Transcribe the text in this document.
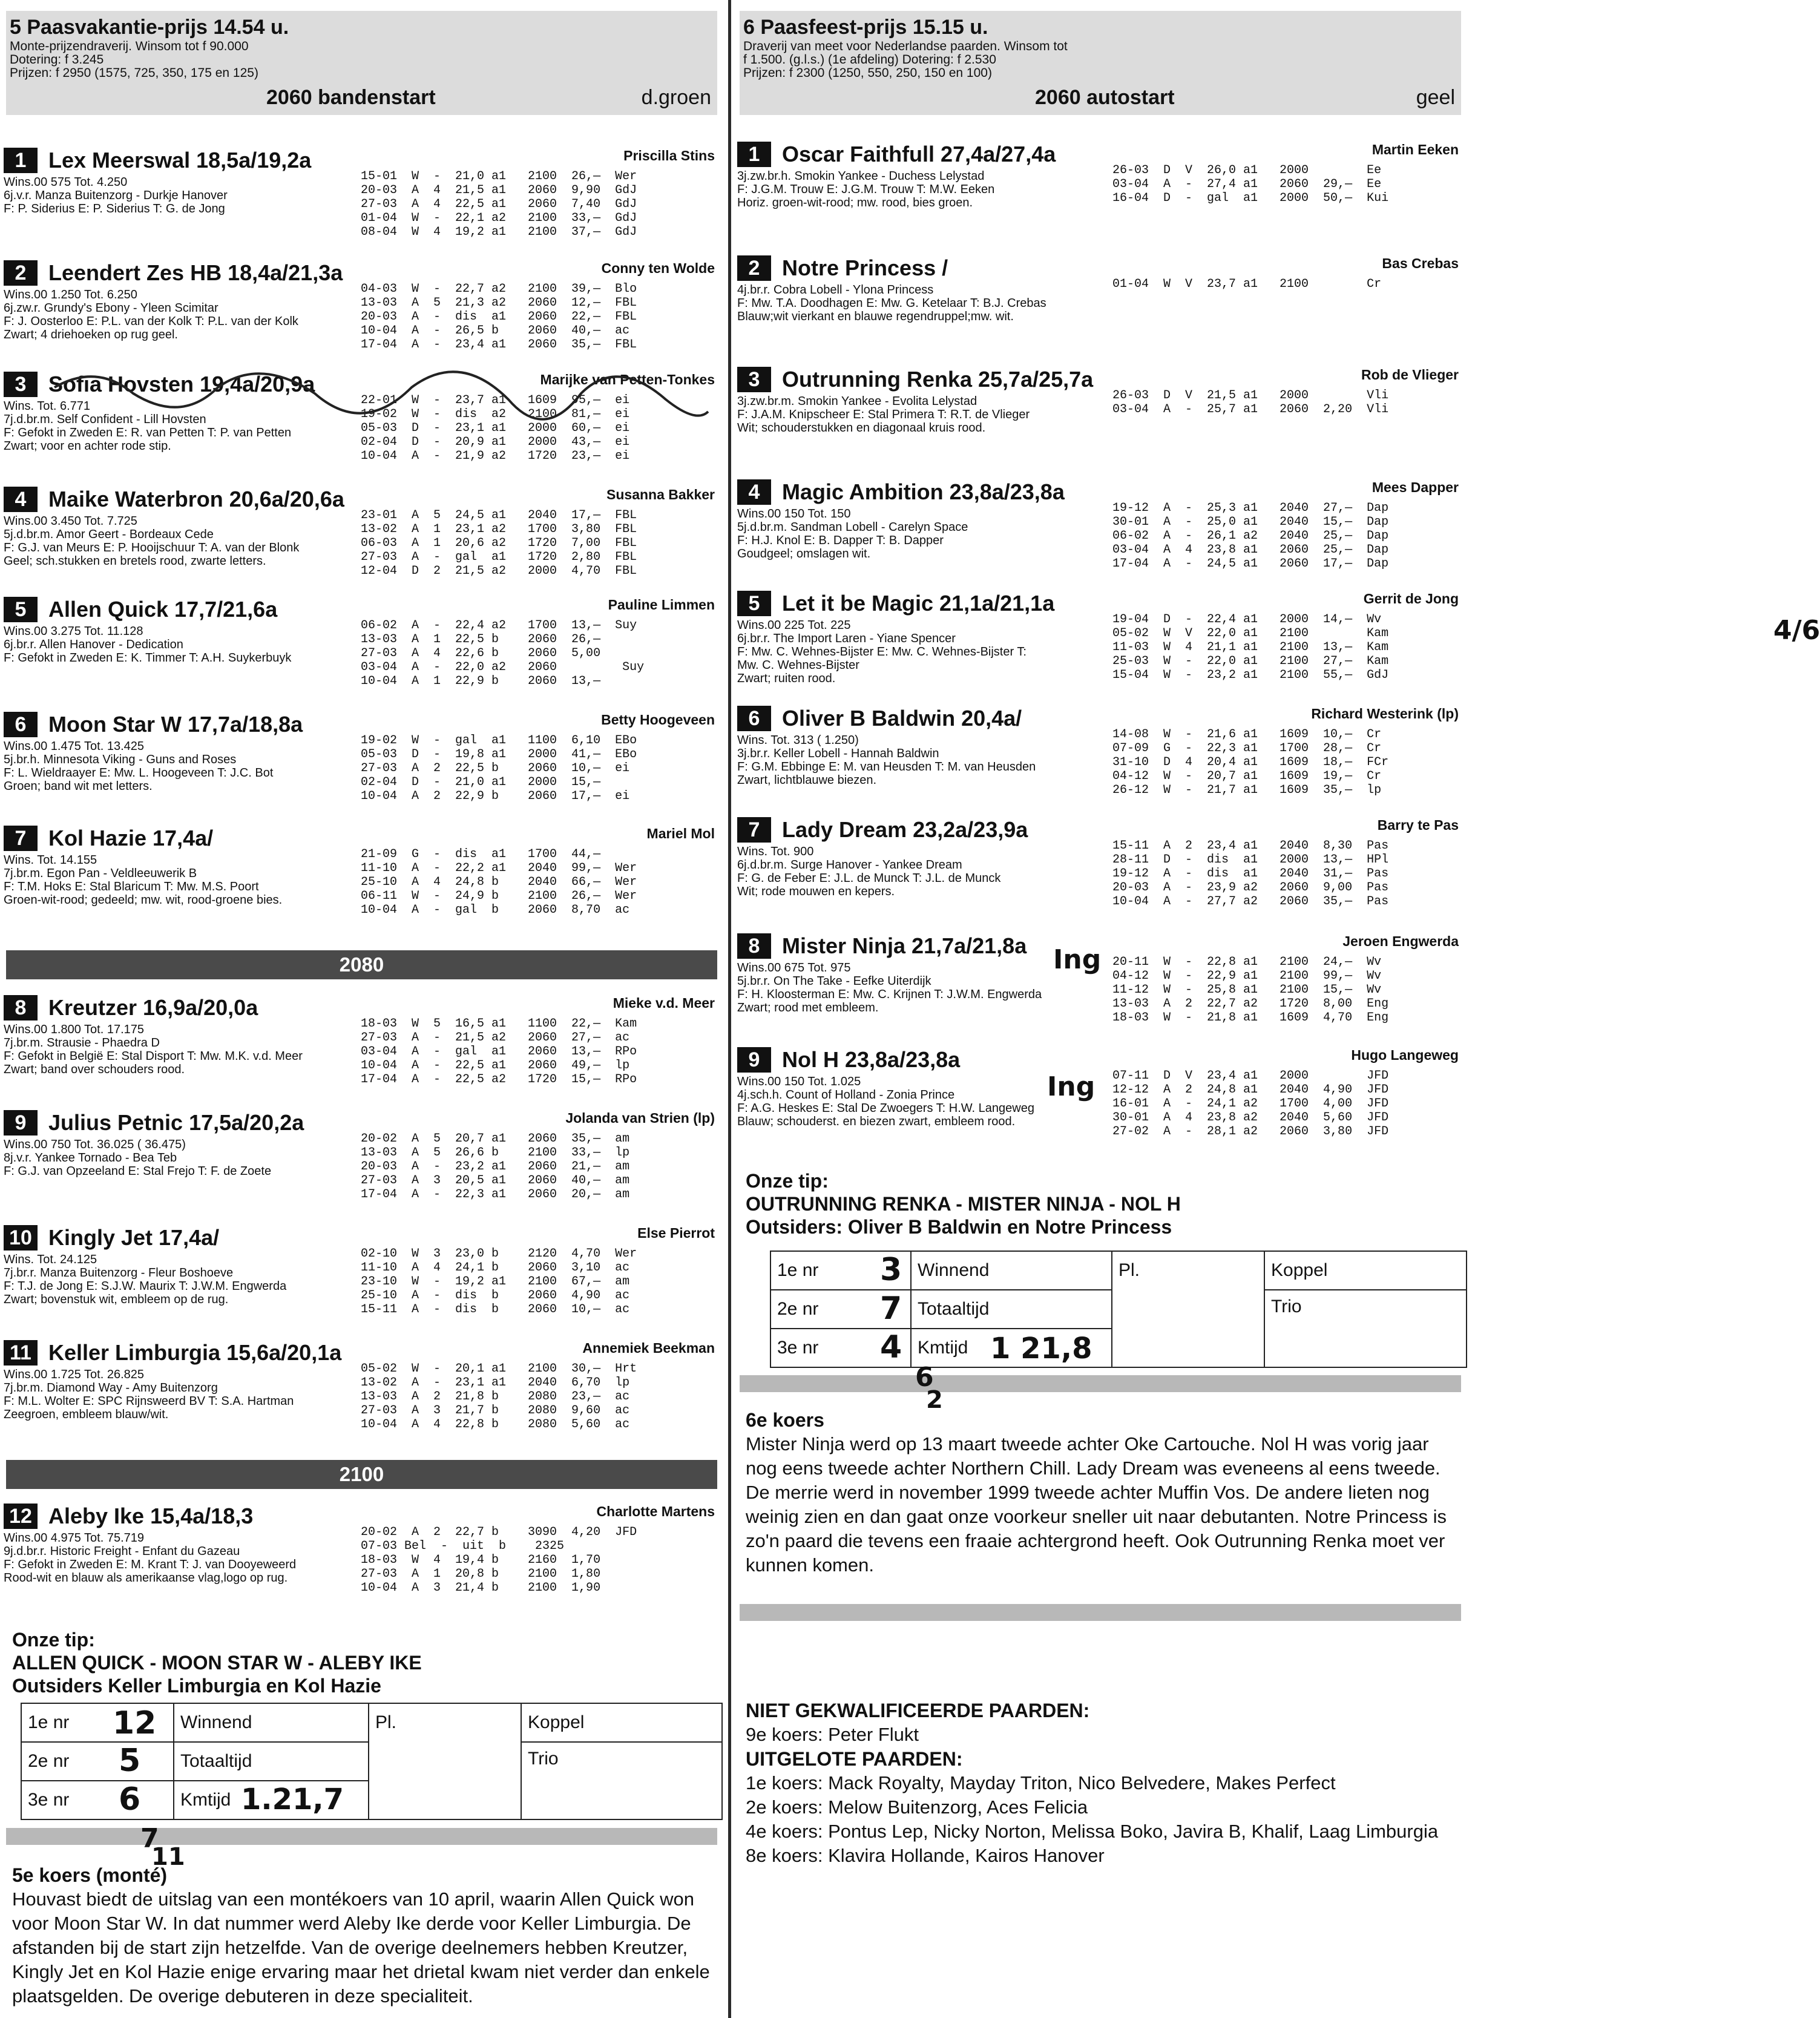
5 Paasvakantie-prijs 14.54 u.
Monte-prijzendraverij. Winsom tot f 90.000
Dotering: f 3.245
Prijzen: f 2950 (1575, 725, 350, 175 en 125)
2060 bandenstart	d.groen
1	Lex Meerswal 18,5a/19,2a	Priscilla Stins
Wins.00 575 Tot. 4.250
6j.v.r. Manza Buitenzorg - Durkje Hanover
F: P. Siderius E: P. Siderius T: G. de Jong
15-01  W  -  21,0 a1   2100  26,—  Wer
20-03  A  4  21,5 a1   2060  9,90  GdJ
27-03  A  4  22,5 a1   2060  7,40  GdJ
01-04  W  -  22,1 a2   2100  33,—  GdJ
08-04  W  4  19,2 a1   2100  37,—  GdJ
2	Leendert Zes HB 18,4a/21,3a	Conny ten Wolde
Wins.00 1.250 Tot. 6.250
6j.zw.r. Grundy's Ebony - Yleen Scimitar
F: J. Oosterloo E: P.L. van der Kolk T: P.L. van der Kolk
Zwart; 4 driehoeken op rug geel.
04-03  W  -  22,7 a2   2100  39,—  Blo
13-03  A  5  21,3 a2   2060  12,—  FBL
20-03  A  -  dis  a1   2060  22,—  FBL
10-04  A  -  26,5 b    2060  40,—  ac
17-04  A  -  23,4 a1   2060  35,—  FBL
3	Sofia Hovsten 19,4a/20,9a	Marijke van Petten-Tonkes
Wins. Tot. 6.771
7j.d.br.m. Self Confident - Lill Hovsten
F: Gefokt in Zweden E: R. van Petten T: P. van Petten
Zwart; voor en achter rode stip.
22-01  W  -  23,7 a1   1609  95,—  ei
19-02  W  -  dis  a2   2100  81,—  ei
05-03  D  -  23,1 a1   2000  60,—  ei
02-04  D  -  20,9 a1   2000  43,—  ei
10-04  A  -  21,9 a2   1720  23,—  ei
4	Maike Waterbron 20,6a/20,6a	Susanna Bakker
Wins.00 3.450 Tot. 7.725
5j.d.br.m. Amor Geert - Bordeaux Cede
F: G.J. van Meurs E: P. Hooijschuur T: A. van der Blonk
Geel; sch.stukken en bretels rood, zwarte letters.
23-01  A  5  24,5 a1   2040  17,—  FBL
13-02  A  1  23,1 a2   1700  3,80  FBL
06-03  A  1  20,6 a2   1720  7,00  FBL
27-03  A  -  gal  a1   1720  2,80  FBL
12-04  D  2  21,5 a2   2000  4,70  FBL
5	Allen Quick 17,7/21,6a	Pauline Limmen
Wins.00 3.275 Tot. 11.128
6j.br.r. Allen Hanover - Dedication
F: Gefokt in Zweden E: K. Timmer T: A.H. Suykerbuyk
06-02  A  -  22,4 a2   1700  13,—  Suy
13-03  A  1  22,5 b    2060  26,—
27-03  A  4  22,6 b    2060  5,00
03-04  A  -  22,0 a2   2060         Suy
10-04  A  1  22,9 b    2060  13,—
6	Moon Star W 17,7a/18,8a	Betty Hoogeveen
Wins.00 1.475 Tot. 13.425
5j.br.h. Minnesota Viking - Guns and Roses
F: L. Wieldraayer E: Mw. L. Hoogeveen T: J.C. Bot
Groen; band wit met letters.
19-02  W  -  gal  a1   1100  6,10  EBo
05-03  D  -  19,8 a1   2000  41,—  EBo
27-03  A  2  22,5 b    2060  10,—  ei
02-04  D  -  21,0 a1   2000  15,—
10-04  A  2  22,9 b    2060  17,—  ei
7	Kol Hazie 17,4a/	Mariel Mol
Wins. Tot. 14.155
7j.br.m. Egon Pan - Veldleeuwerik B
F: T.M. Hoks E: Stal Blaricum T: Mw. M.S. Poort
Groen-wit-rood; gedeeld; mw. wit, rood-groene bies.
21-09  G  -  dis  a1   1700  44,—
11-10  A  -  22,2 a1   2040  99,—  Wer
25-10  A  4  24,8 b    2040  66,—  Wer
06-11  W  -  24,9 b    2100  26,—  Wer
10-04  A  -  gal  b    2060  8,70  ac
8	Kreutzer 16,9a/20,0a	Mieke v.d. Meer
Wins.00 1.800 Tot. 17.175
7j.br.m. Strausie - Phaedra D
F: Gefokt in België E: Stal Disport T: Mw. M.K. v.d. Meer
Zwart; band over schouders rood.
18-03  W  5  16,5 a1   1100  22,—  Kam
27-03  A  -  21,5 a2   2060  27,—  ac
03-04  A  -  gal  a1   2060  13,—  RPo
10-04  A  -  22,5 a1   2060  49,—  lp
17-04  A  -  22,5 a2   1720  15,—  RPo
9	Julius Petnic 17,5a/20,2a	Jolanda van Strien (lp)
Wins.00 750 Tot. 36.025 ( 36.475)
8j.v.r. Yankee Tornado - Bea Teb
F: G.J. van Opzeeland E: Stal Frejo T: F. de Zoete
20-02  A  5  20,7 a1   2060  35,—  am
13-03  A  5  26,6 b    2100  33,—  lp
20-03  A  -  23,2 a1   2060  21,—  am
27-03  A  3  20,5 a1   2060  40,—  am
17-04  A  -  22,3 a1   2060  20,—  am
10 Kingly Jet 17,4a/	Else Pierrot
Wins. Tot. 24.125
7j.br.r. Manza Buitenzorg - Fleur Boshoeve
F: T.J. de Jong E: S.J.W. Maurix T: J.W.M. Engwerda
Zwart; bovenstuk wit, embleem op de rug.
02-10  W  3  23,0 b    2120  4,70  Wer
11-10  A  4  24,1 b    2060  3,10  ac
23-10  W  -  19,2 a1   2100  67,—  am
25-10  A  -  dis  b    2060  4,90  ac
15-11  A  -  dis  b    2060  10,—  ac
11 Keller Limburgia 15,6a/20,1a	Annemiek Beekman
Wins.00 1.725 Tot. 26.825
7j.br.m. Diamond Way - Amy Buitenzorg
F: M.L. Wolter E: SPC Rijnsweerd BV T: S.A. Hartman
Zeegroen, embleem blauw/wit.
05-02  W  -  20,1 a1   2100  30,—  Hrt
13-02  A  -  23,1 a1   2040  6,70  lp
13-03  A  2  21,8 b    2080  23,—  ac
27-03  A  3  21,7 b    2080  9,60  ac
10-04  A  4  22,8 b    2080  5,60  ac
12 Aleby Ike 15,4a/18,3	Charlotte Martens
Wins.00 4.975 Tot. 75.719
9j.d.br.r. Historic Freight - Enfant du Gazeau
F: Gefokt in Zweden E: M. Krant T: J. van Dooyeweerd
Rood-wit en blauw als amerikaanse vlag,logo op rug.
20-02  A  2  22,7 b    3090  4,20  JFD
07-03 Bel  -  uit  b    2325
18-03  W  4  19,4 b    2160  1,70
27-03  A  1  20,8 b    2100  1,80
10-04  A  3  21,4 b    2100  1,90
2080
2100
Onze tip:
ALLEN QUICK - MOON STAR W - ALEBY IKE
Outsiders Keller Limburgia en Kol Hazie
1e nr 12	Winnend	Pl.	Koppel
2e nr 5	Totaaltijd		Trio
3e nr 6	Kmtijd 1.21,7		
7
11
5e koers (monté)
Houvast biedt de uitslag van een montékoers van 10 april, waarin Allen Quick won voor Moon Star W. In dat nummer werd Aleby Ike derde voor Keller Limburgia. De afstanden bij de start zijn hetzelfde. Van de overige deelnemers hebben Kreutzer, Kingly Jet en Kol Hazie enige ervaring maar het drietal kwam niet verder dan enkele plaatsgelden. De overige debuteren in deze specialiteit.
6 Paasfeest-prijs 15.15 u.
Draverij van meet voor Nederlandse paarden. Winsom tot
f 1.500. (g.l.s.) (1e afdeling) Dotering: f 2.530
Prijzen: f 2300 (1250, 550, 250, 150 en 100)
2060 autostart	geel
1	Oscar Faithfull 27,4a/27,4a	Martin Eeken
3j.zw.br.h. Smokin Yankee - Duchess Lelystad
F: J.G.M. Trouw E: J.G.M. Trouw T: M.W. Eeken
Horiz. groen-wit-rood; mw. rood, bies groen.
26-03  D  V  26,0 a1   2000        Ee
03-04  A  -  27,4 a1   2060  29,—  Ee
16-04  D  -  gal  a1   2000  50,—  Kui
2	Notre Princess /	Bas Crebas
4j.br.r. Cobra Lobell - Ylona Princess
F: Mw. T.A. Doodhagen E: Mw. G. Ketelaar T: B.J. Crebas
Blauw;wit vierkant en blauwe regendruppel;mw. wit.
01-04  W  V  23,7 a1   2100        Cr
3	Outrunning Renka 25,7a/25,7a	Rob de Vlieger
3j.zw.br.m. Smokin Yankee - Evolita Lelystad
F: J.A.M. Knipscheer E: Stal Primera T: R.T. de Vlieger
Wit; schouderstukken en diagonaal kruis rood.
26-03  D  V  21,5 a1   2000        Vli
03-04  A  -  25,7 a1   2060  2,20  Vli
4	Magic Ambition 23,8a/23,8a	Mees Dapper
Wins.00 150 Tot. 150
5j.d.br.m. Sandman Lobell - Carelyn Space
F: H.J. Knol E: B. Dapper T: B. Dapper
Goudgeel; omslagen wit.
19-12  A  -  25,3 a1   2040  27,—  Dap
30-01  A  -  25,0 a1   2040  15,—  Dap
06-02  A  -  26,1 a2   2040  25,—  Dap
03-04  A  4  23,8 a1   2060  25,—  Dap
17-04  A  -  24,5 a1   2060  17,—  Dap
5	Let it be Magic 21,1a/21,1a	Gerrit de Jong
Wins.00 225 Tot. 225
6j.br.r. The Import Laren - Yiane Spencer
F: Mw. C. Wehnes-Bijster E: Mw. C. Wehnes-Bijster T:
Mw. C. Wehnes-Bijster
Zwart; ruiten rood.
19-04  D  -  22,4 a1   2000  14,—  Wv
05-02  W  V  22,0 a1   2100        Kam
11-03  W  4  21,1 a1   2100  13,—  Kam
25-03  W  -  22,0 a1   2100  27,—  Kam
15-04  W  -  23,2 a1   2100  55,—  GdJ
6	Oliver B Baldwin 20,4a/	Richard Westerink (lp)
Wins. Tot. 313 ( 1.250)
3j.br.r. Keller Lobell - Hannah Baldwin
F: G.M. Ebbinge E: M. van Heusden T: M. van Heusden
Zwart, lichtblauwe biezen.
14-08  W  -  21,6 a1   1609  10,—  Cr
07-09  G  -  22,3 a1   1700  28,—  Cr
31-10  D  4  20,4 a1   1609  18,—  FCr
04-12  W  -  20,7 a1   1609  19,—  Cr
26-12  W  -  21,7 a1   1609  35,—  lp
7	Lady Dream 23,2a/23,9a	Barry te Pas
Wins. Tot. 900
6j.d.br.m. Surge Hanover - Yankee Dream
F: G. de Feber E: J.L. de Munck T: J.L. de Munck
Wit; rode mouwen en kepers.
15-11  A  2  23,4 a1   2040  8,30  Pas
28-11  D  -  dis  a1   2000  13,—  HPl
19-12  A  -  dis  a1   2040  31,—  Pas
20-03  A  -  23,9 a2   2060  9,00  Pas
10-04  A  -  27,7 a2   2060  35,—  Pas
8	Mister Ninja 21,7a/21,8a	Jeroen Engwerda
Wins.00 675 Tot. 975
5j.br.r. On The Take - Eefke Uiterdijk
F: H. Kloosterman E: Mw. C. Krijnen T: J.W.M. Engwerda
Zwart; rood met embleem.
20-11  W  -  22,8 a1   2100  24,—  Wv
04-12  W  -  22,9 a1   2100  99,—  Wv
11-12  W  -  25,8 a1   2100  15,—  Wv
13-03  A  2  22,7 a2   1720  8,00  Eng
18-03  W  -  21,8 a1   1609  4,70  Eng
9	Nol H 23,8a/23,8a	Hugo Langeweg
Wins.00 150 Tot. 1.025
4j.sch.h. Count of Holland - Zonia Prince
F: A.G. Heskes E: Stal De Zwoegers T: H.W. Langeweg
Blauw; schouderst. en biezen zwart, embleem rood.
07-11  D  V  23,4 a1   2000        JFD
12-12  A  2  24,8 a1   2040  4,90  JFD
16-01  A  -  24,1 a2   1700  4,00  JFD
30-01  A  4  23,8 a2   2040  5,60  JFD
27-02  A  -  28,1 a2   2060  3,80  JFD
4/6
Ing
Ing
Onze tip:
OUTRUNNING RENKA - MISTER NINJA - NOL H
Outsiders: Oliver B Baldwin en Notre Princess
1e nr 3	Winnend	Pl.	Koppel
2e nr 7	Totaaltijd		Trio
3e nr 4	Kmtijd 1 21,8		
6
2
6e koers
Mister Ninja werd op 13 maart tweede achter Oke Cartouche. Nol H was vorig jaar nog eens tweede achter Northern Chill. Lady Dream was eveneens al eens tweede. De merrie werd in november 1999 tweede achter Muffin Vos. De andere lieten nog weinig zien en dan gaat onze voorkeur sneller uit naar debutanten. Notre Princess is zo'n paard die tevens een fraaie achtergrond heeft. Ook Outrunning Renka moet ver kunnen komen.
NIET GEKWALIFICEERDE PAARDEN:
9e koers: Peter Flukt
UITGELOTE PAARDEN:
1e koers: Mack Royalty, Mayday Triton, Nico Belvedere, Makes Perfect
2e koers: Melow Buitenzorg, Aces Felicia
4e koers: Pontus Lep, Nicky Norton, Melissa Boko, Javira B, Khalif, Laag Limburgia
8e koers: Klavira Hollande, Kairos Hanover
